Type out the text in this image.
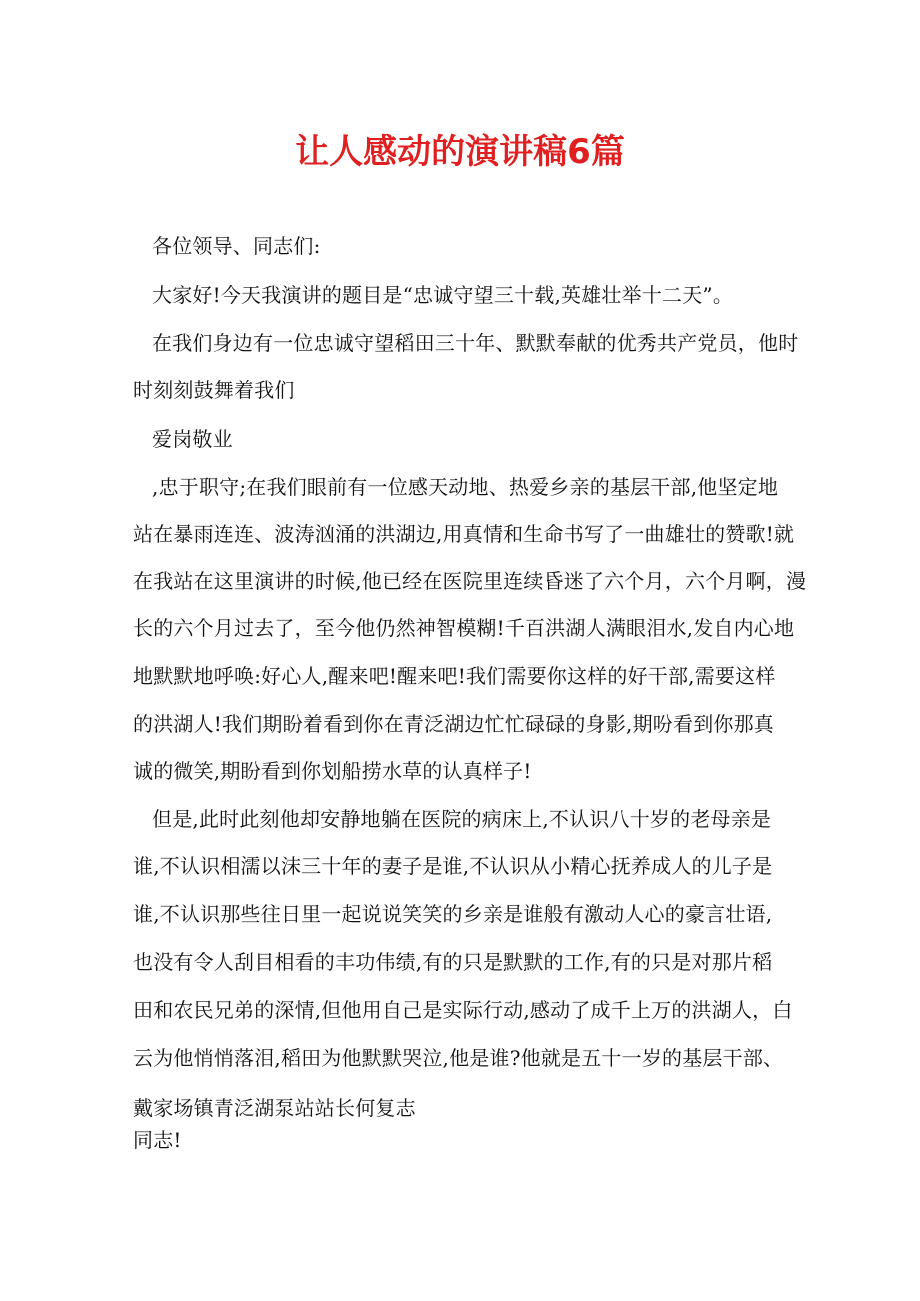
让人感动的演讲稿6篇
各位领导、同志们:
大家好!今天我演讲的题目是“忠诚守望三十载,英雄壮举十二天”。
在我们身边有一位忠诚守望稻田三十年、默默奉献的优秀共产党员，他时
时刻刻鼓舞着我们
爱岗敬业
,忠于职守;在我们眼前有一位感天动地、热爱乡亲的基层干部,他坚定地
站在暴雨连连、波涛汹涌的洪湖边,用真情和生命书写了一曲雄壮的赞歌!就
在我站在这里演讲的时候,他已经在医院里连续昏迷了六个月，六个月啊，漫
长的六个月过去了，至今他仍然神智模糊!千百洪湖人满眼泪水,发自内心地
地默默地呼唤:好心人,醒来吧!醒来吧!我们需要你这样的好干部,需要这样
的洪湖人!我们期盼着看到你在青泛湖边忙忙碌碌的身影,期吩看到你那真
诚的微笑,期盼看到你划船捞水草的认真样子!
但是,此时此刻他却安静地躺在医院的病床上,不认识八十岁的老母亲是
谁,不认识相濡以沫三十年的妻子是谁,不认识从小精心抚养成人的儿子是
谁,不认识那些往日里一起说说笑笑的乡亲是谁般有激动人心的豪言壮语,
也没有令人刮目相看的丰功伟绩,有的只是默默的工作,有的只是对那片稻
田和农民兄弟的深情,但他用自己是实际行动,感动了成千上万的洪湖人，白
云为他悄悄落泪,稻田为他默默哭泣,他是谁?他就是五十一岁的基层干部、
戴家场镇青泛湖泵站站长何复志
同志!
